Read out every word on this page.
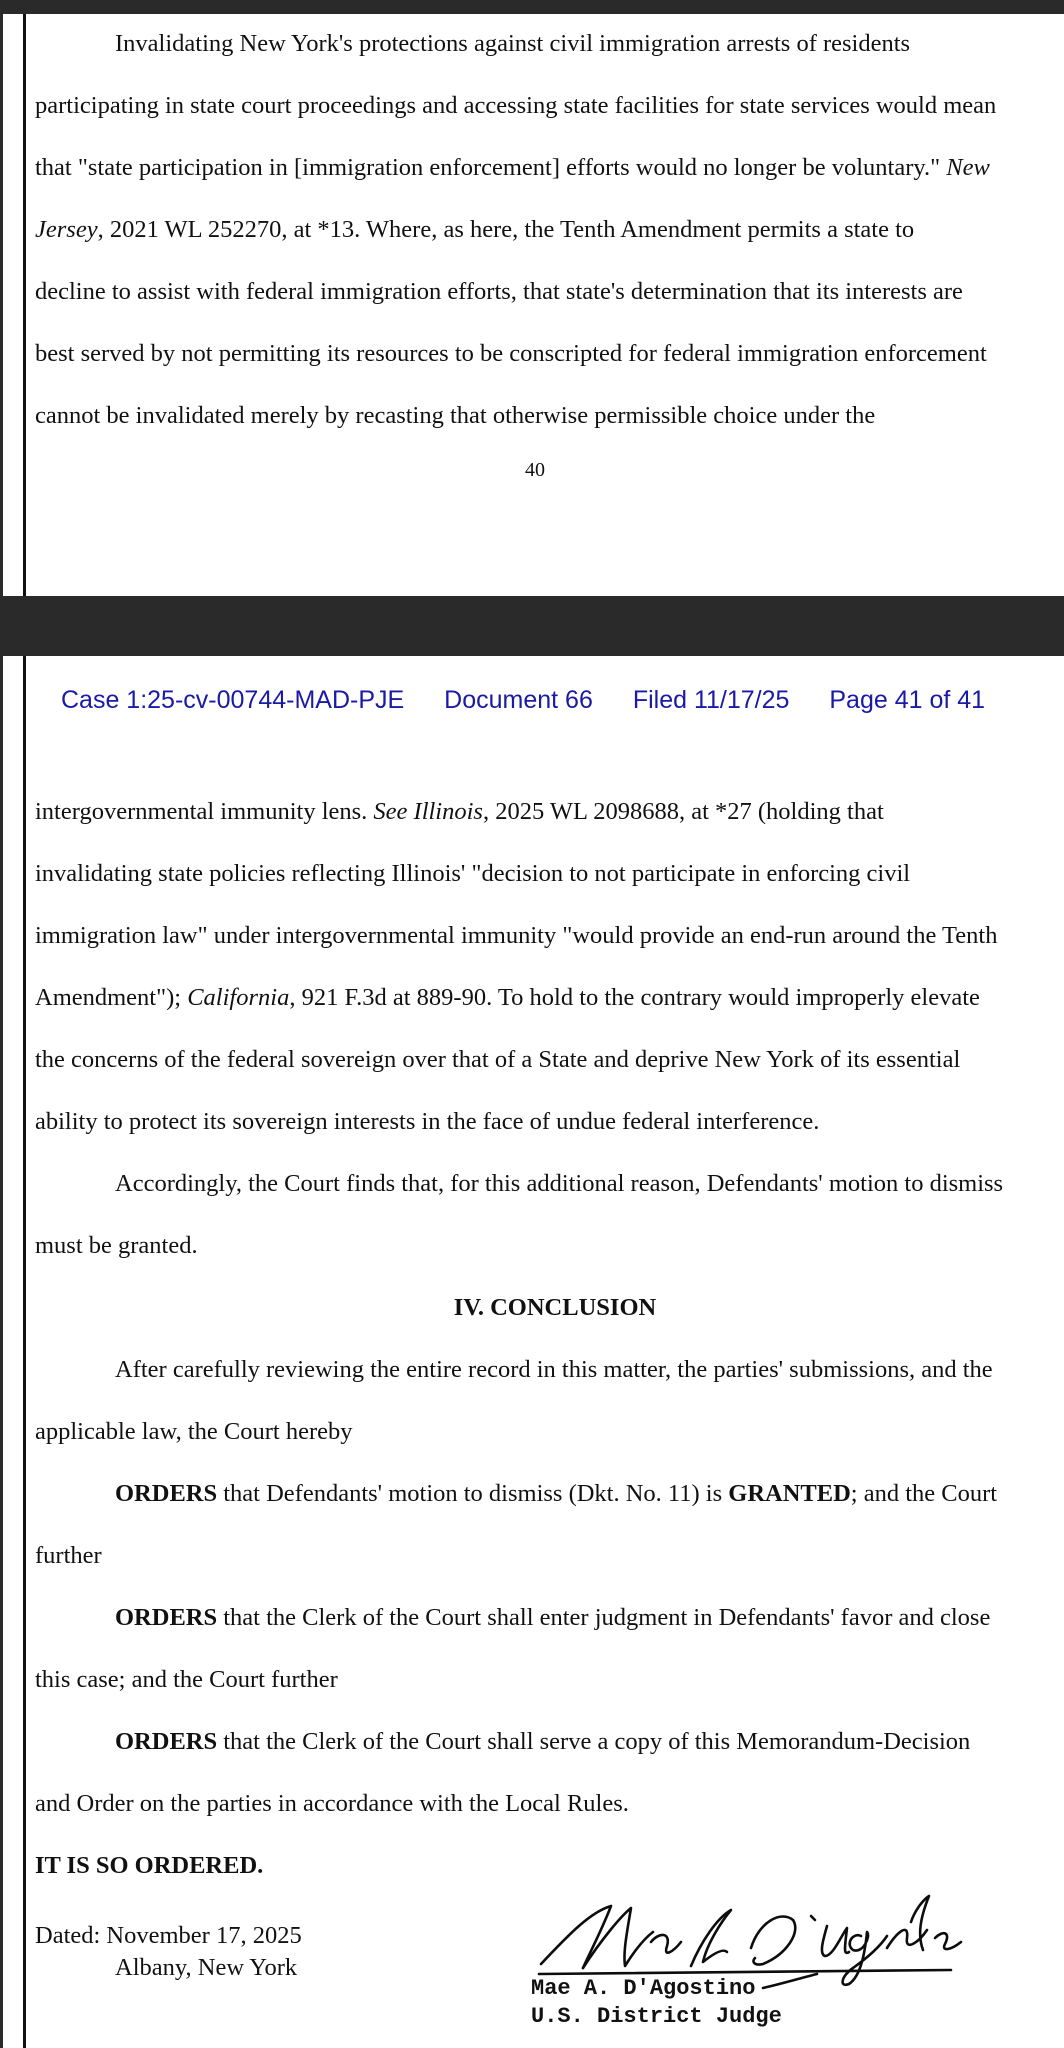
Invalidating New York's protections against civil immigration arrests of residents
participating in state court proceedings and accessing state facilities for state services would mean
that "state participation in [immigration enforcement] efforts would no longer be voluntary." New
Jersey, 2021 WL 252270, at *13. Where, as here, the Tenth Amendment permits a state to
decline to assist with federal immigration efforts, that state's determination that its interests are
best served by not permitting its resources to be conscripted for federal immigration enforcement
cannot be invalidated merely by recasting that otherwise permissible choice under the
40
Case 1:25-cv-00744-MAD-PJE Document 66 Filed 11/17/25 Page 41 of 41
intergovernmental immunity lens. See Illinois, 2025 WL 2098688, at *27 (holding that
invalidating state policies reflecting Illinois' "decision to not participate in enforcing civil
immigration law" under intergovernmental immunity "would provide an end-run around the Tenth
Amendment"); California, 921 F.3d at 889-90. To hold to the contrary would improperly elevate
the concerns of the federal sovereign over that of a State and deprive New York of its essential
ability to protect its sovereign interests in the face of undue federal interference.
Accordingly, the Court finds that, for this additional reason, Defendants' motion to dismiss
must be granted.
IV. CONCLUSION
After carefully reviewing the entire record in this matter, the parties' submissions, and the
applicable law, the Court hereby
ORDERS that Defendants' motion to dismiss (Dkt. No. 11) is GRANTED; and the Court
further
ORDERS that the Clerk of the Court shall enter judgment in Defendants' favor and close
this case; and the Court further
ORDERS that the Clerk of the Court shall serve a copy of this Memorandum-Decision
and Order on the parties in accordance with the Local Rules.
IT IS SO ORDERED.
Dated: November 17, 2025
Albany, New York
Mae A. D'Agostino
U.S. District Judge
